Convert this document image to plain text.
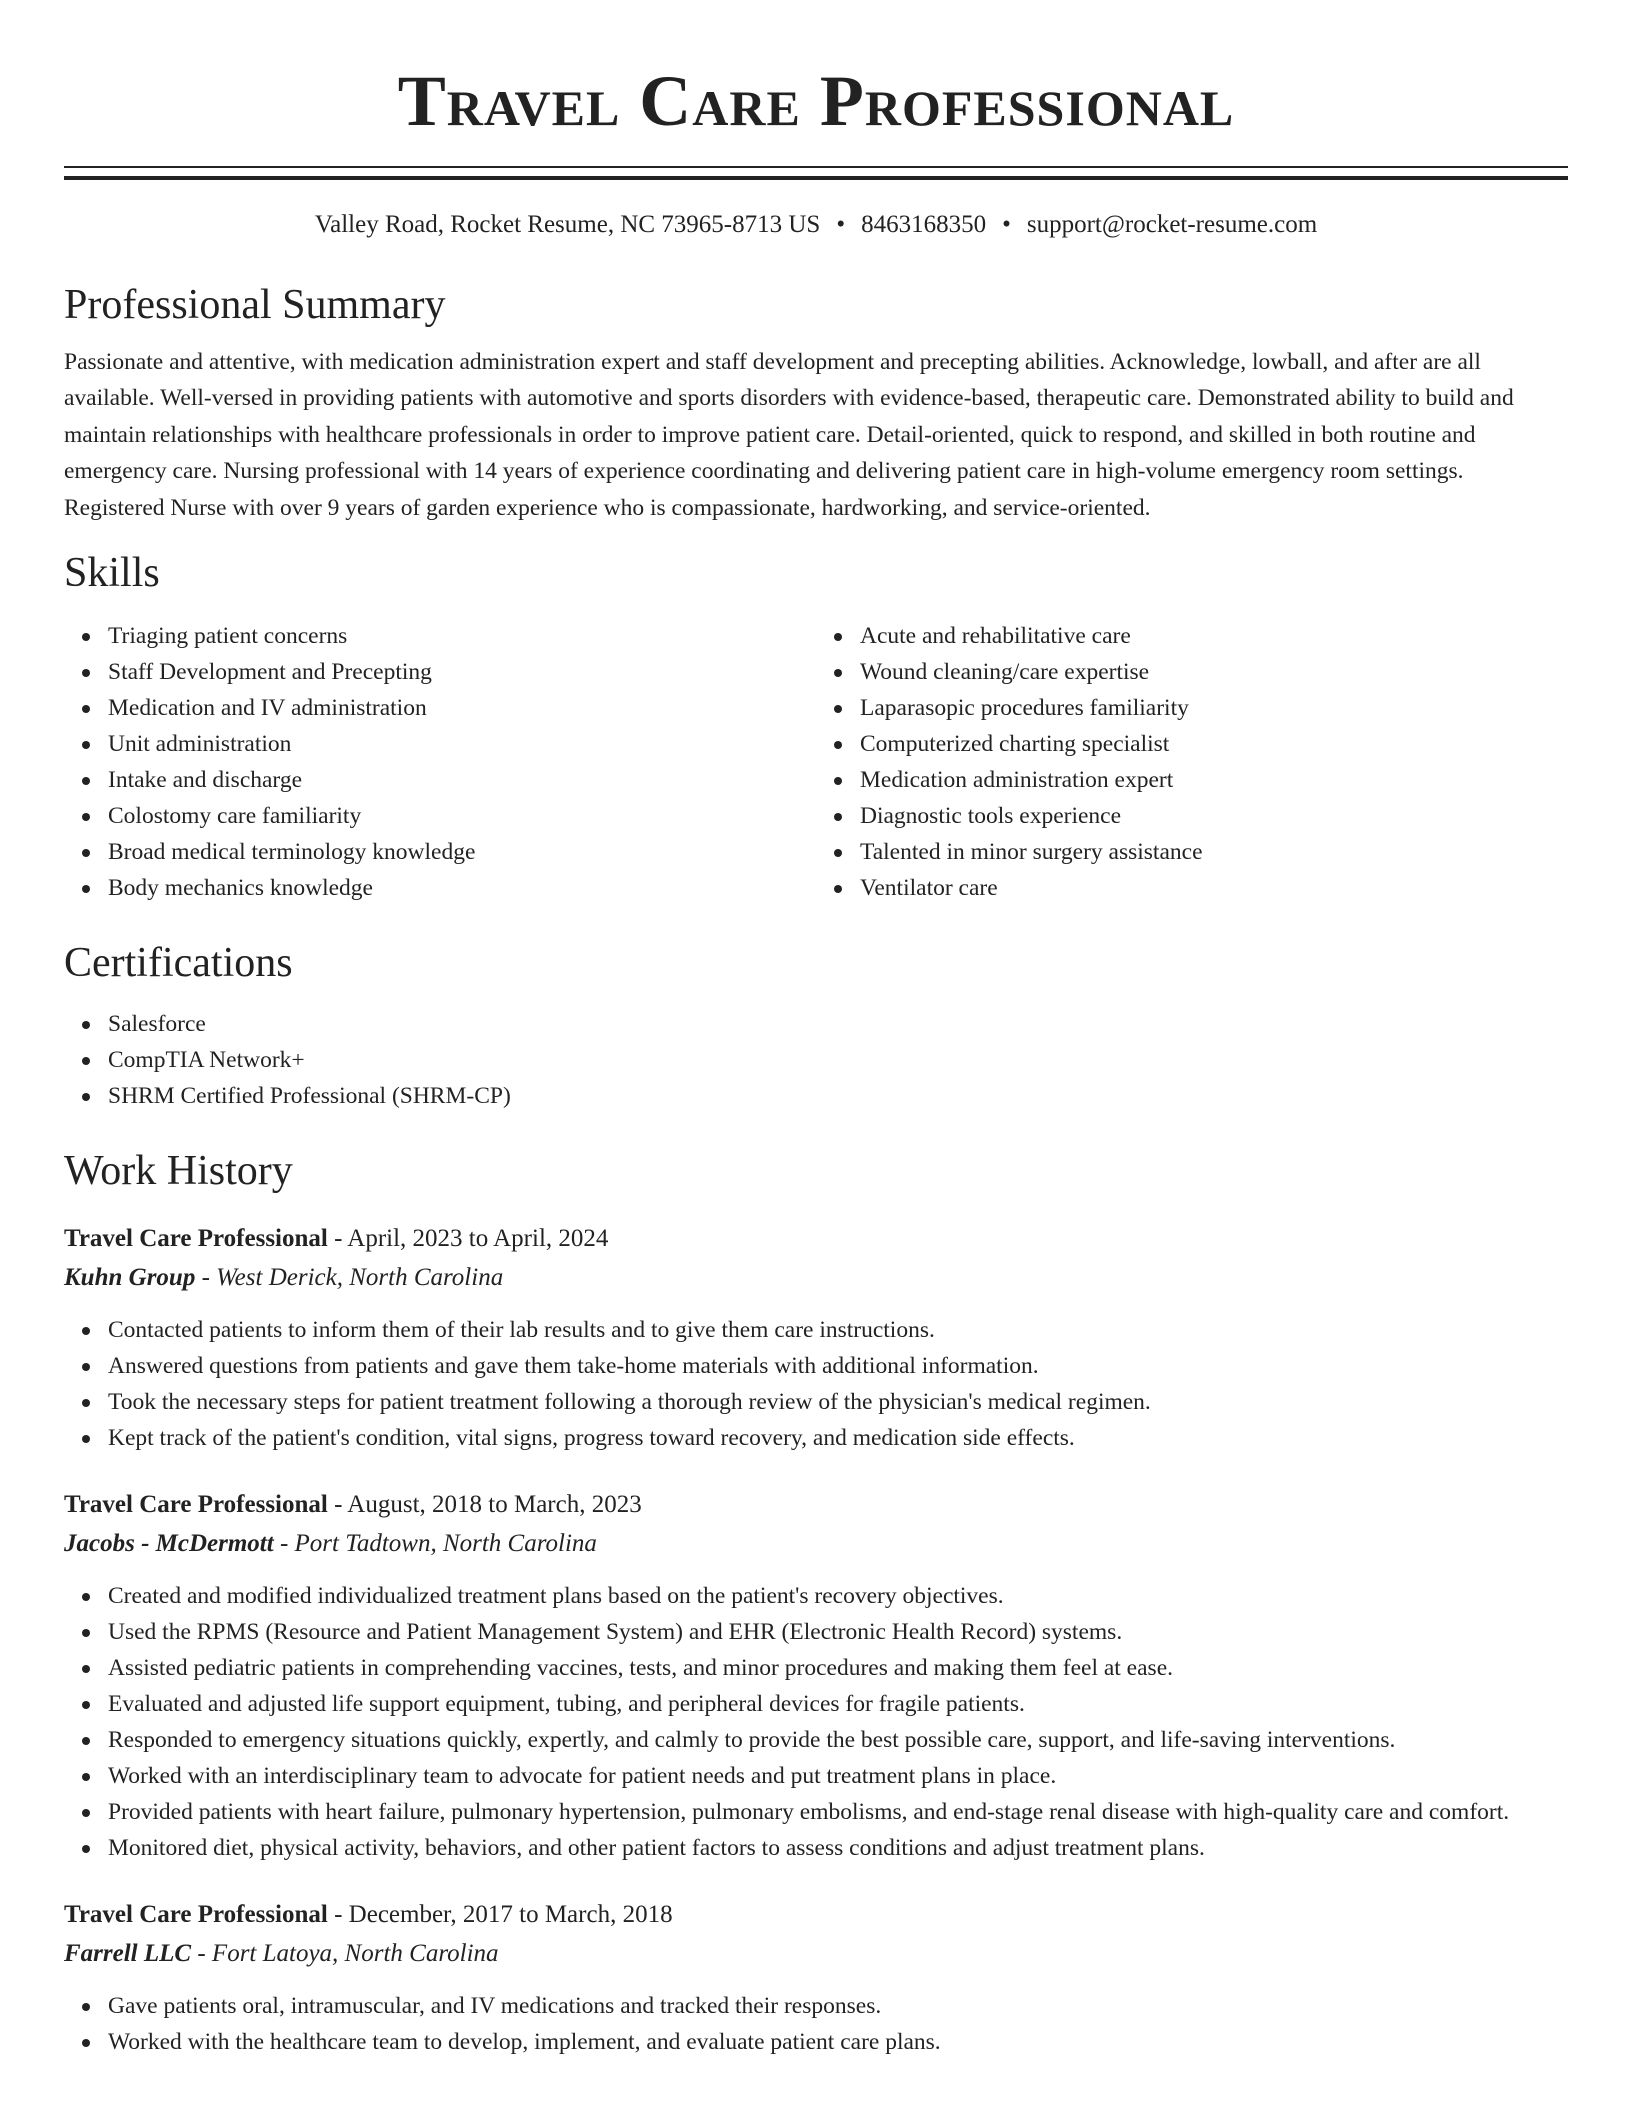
Travel Care Professional
Valley Road, Rocket Resume, NC 73965-8713 US • 8463168350 • support@rocket-resume.com
Professional Summary
Passionate and attentive, with medication administration expert and staff development and precepting abilities. Acknowledge, lowball, and after are all available. Well-versed in providing patients with automotive and sports disorders with evidence-based, therapeutic care. Demonstrated ability to build and maintain relationships with healthcare professionals in order to improve patient care. Detail-oriented, quick to respond, and skilled in both routine and emergency care. Nursing professional with 14 years of experience coordinating and delivering patient care in high-volume emergency room settings. Registered Nurse with over 9 years of garden experience who is compassionate, hardworking, and service-oriented.
Skills
Triaging patient concerns
Staff Development and Precepting
Medication and IV administration
Unit administration
Intake and discharge
Colostomy care familiarity
Broad medical terminology knowledge
Body mechanics knowledge
Acute and rehabilitative care
Wound cleaning/care expertise
Laparasopic procedures familiarity
Computerized charting specialist
Medication administration expert
Diagnostic tools experience
Talented in minor surgery assistance
Ventilator care
Certifications
Salesforce
CompTIA Network+
SHRM Certified Professional (SHRM-CP)
Work History
Travel Care Professional - April, 2023 to April, 2024
Kuhn Group - West Derick, North Carolina
Contacted patients to inform them of their lab results and to give them care instructions.
Answered questions from patients and gave them take-home materials with additional information.
Took the necessary steps for patient treatment following a thorough review of the physician's medical regimen.
Kept track of the patient's condition, vital signs, progress toward recovery, and medication side effects.
Travel Care Professional - August, 2018 to March, 2023
Jacobs - McDermott - Port Tadtown, North Carolina
Created and modified individualized treatment plans based on the patient's recovery objectives.
Used the RPMS (Resource and Patient Management System) and EHR (Electronic Health Record) systems.
Assisted pediatric patients in comprehending vaccines, tests, and minor procedures and making them feel at ease.
Evaluated and adjusted life support equipment, tubing, and peripheral devices for fragile patients.
Responded to emergency situations quickly, expertly, and calmly to provide the best possible care, support, and life-saving interventions.
Worked with an interdisciplinary team to advocate for patient needs and put treatment plans in place.
Provided patients with heart failure, pulmonary hypertension, pulmonary embolisms, and end-stage renal disease with high-quality care and comfort.
Monitored diet, physical activity, behaviors, and other patient factors to assess conditions and adjust treatment plans.
Travel Care Professional - December, 2017 to March, 2018
Farrell LLC - Fort Latoya, North Carolina
Gave patients oral, intramuscular, and IV medications and tracked their responses.
Worked with the healthcare team to develop, implement, and evaluate patient care plans.
